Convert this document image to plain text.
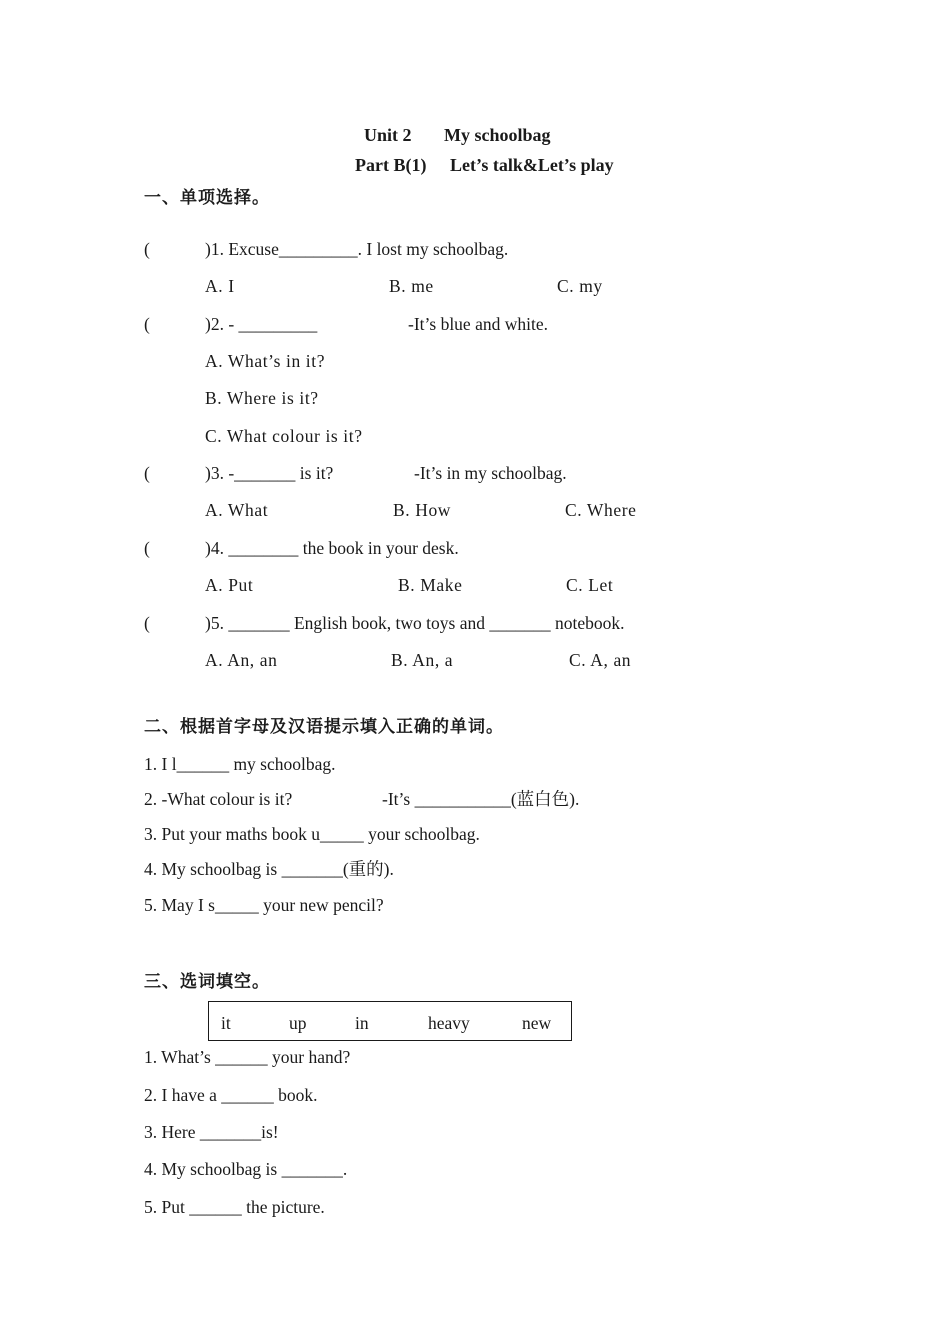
Unit 2 My schoolbag
Part B(1) Let’s talk&Let’s play
一、单项选择。
(	)1. Excuse_________. I lost my schoolbag.
A. I	B. me	C. my
(	)2. - _________	-It’s blue and white.
A. What’s in it?
B. Where is it?
C. What colour is it?
(	)3. -_______ is it?	-It’s in my schoolbag.
A. What	B. How	C. Where
(	)4. ________ the book in your desk.
A. Put	B. Make	C. Let
(	)5. _______ English book, two toys and _______ notebook.
A. An, an	B. An, a	C. A, an
二、根据首字母及汉语提示填入正确的单词。
1. I l______ my schoolbag.
2. -What colour is it?	-It’s ___________(蓝白色).
3. Put your maths book u_____ your schoolbag.
4. My schoolbag is _______(重的).
5. May I s_____ your new pencil?
三、选词填空。
it	up	in	heavy	new
1. What’s ______ your hand?
2. I have a ______ book.
3. Here _______is!
4. My schoolbag is _______.
5. Put ______ the picture.
